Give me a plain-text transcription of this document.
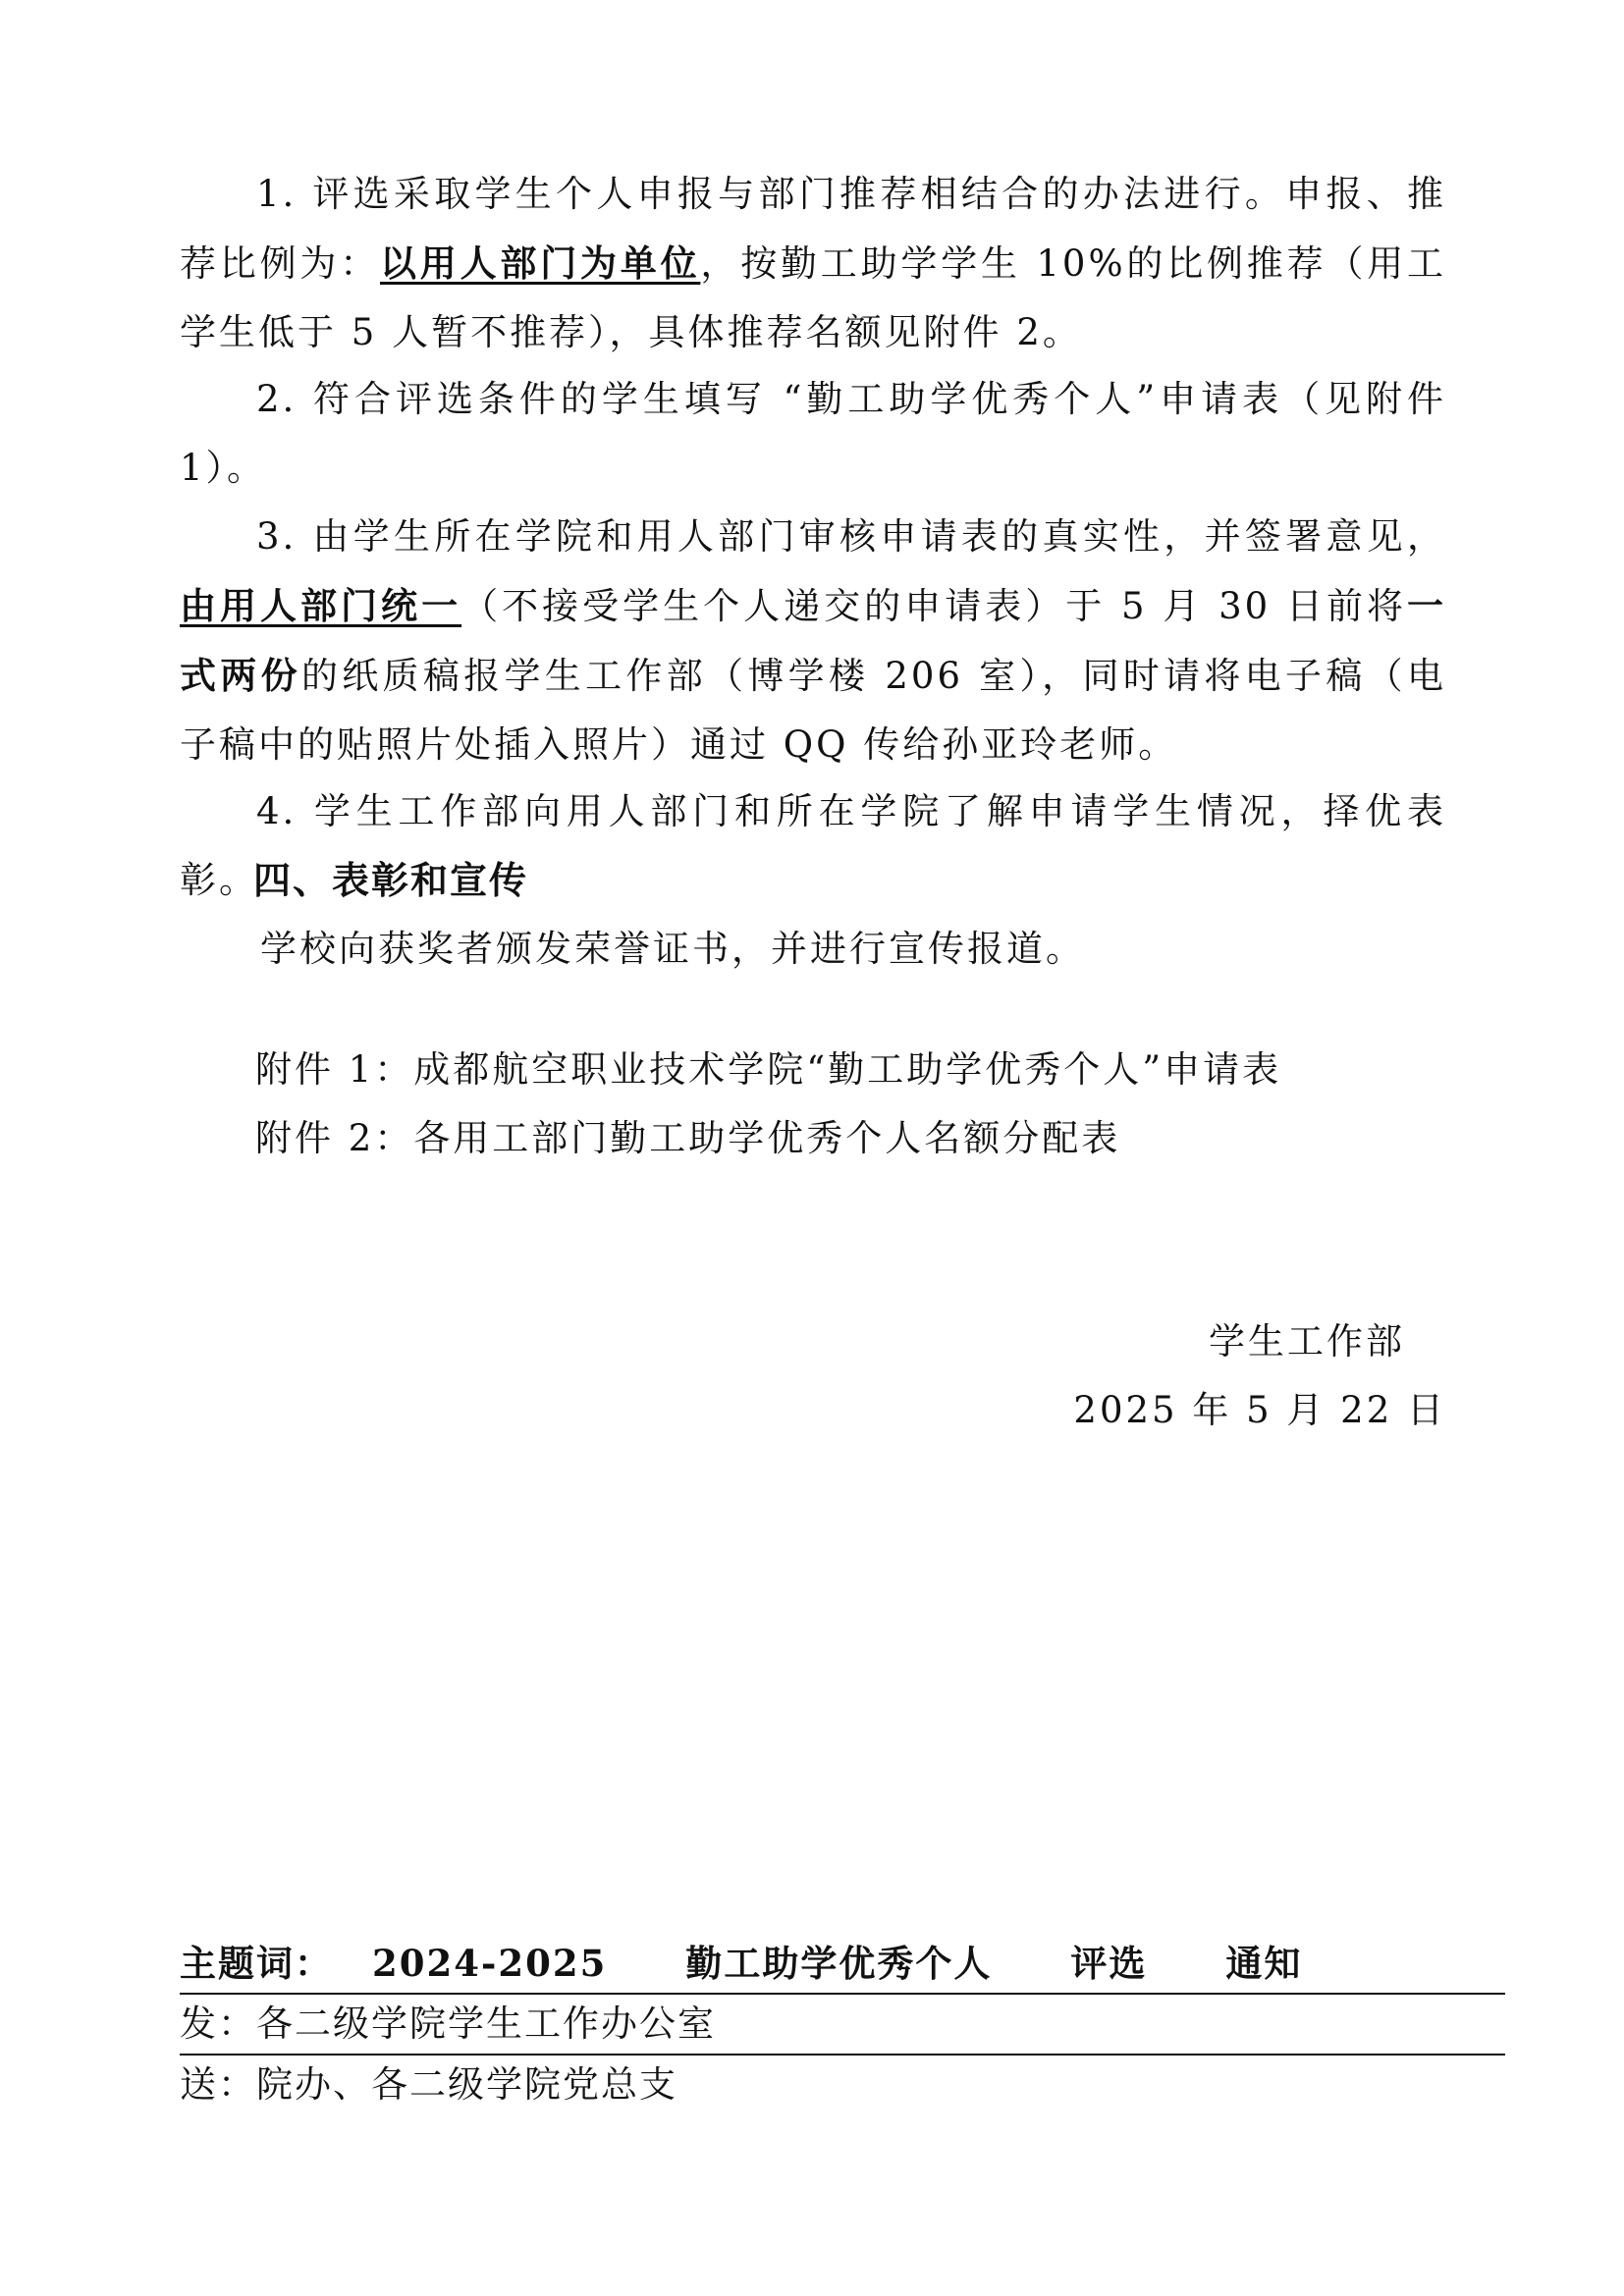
1. 评选采取学生个人申报与部门推荐相结合的办法进行。申报、推荐比例为：以用人部门为单位，按勤工助学学生 10%的比例推荐（用工学生低于 5 人暂不推荐），具体推荐名额见附件 2。

2. 符合评选条件的学生填写 “勤工助学优秀个人”申请表（见附件 1）。

3. 由学生所在学院和用人部门审核申请表的真实性，并签署意见，由用人部门统一（不接受学生个人递交的申请表）于 5 月 30 日前将一式两份的纸质稿报学生工作部（博学楼 206 室），同时请将电子稿（电子稿中的贴照片处插入照片）通过 QQ 传给孙亚玲老师。

4. 学生工作部向用人部门和所在学院了解申请学生情况，择优表彰。

四、表彰和宣传

学校向获奖者颁发荣誉证书，并进行宣传报道。

附件 1：成都航空职业技术学院“勤工助学优秀个人”申请表

附件 2：各用工部门勤工助学优秀个人名额分配表

学生工作部
2025 年 5 月 22 日
主题词： 2024-2025 勤工助学优秀个人 评选 通知
发：各二级学院学生工作办公室
送：院办、各二级学院党总支
